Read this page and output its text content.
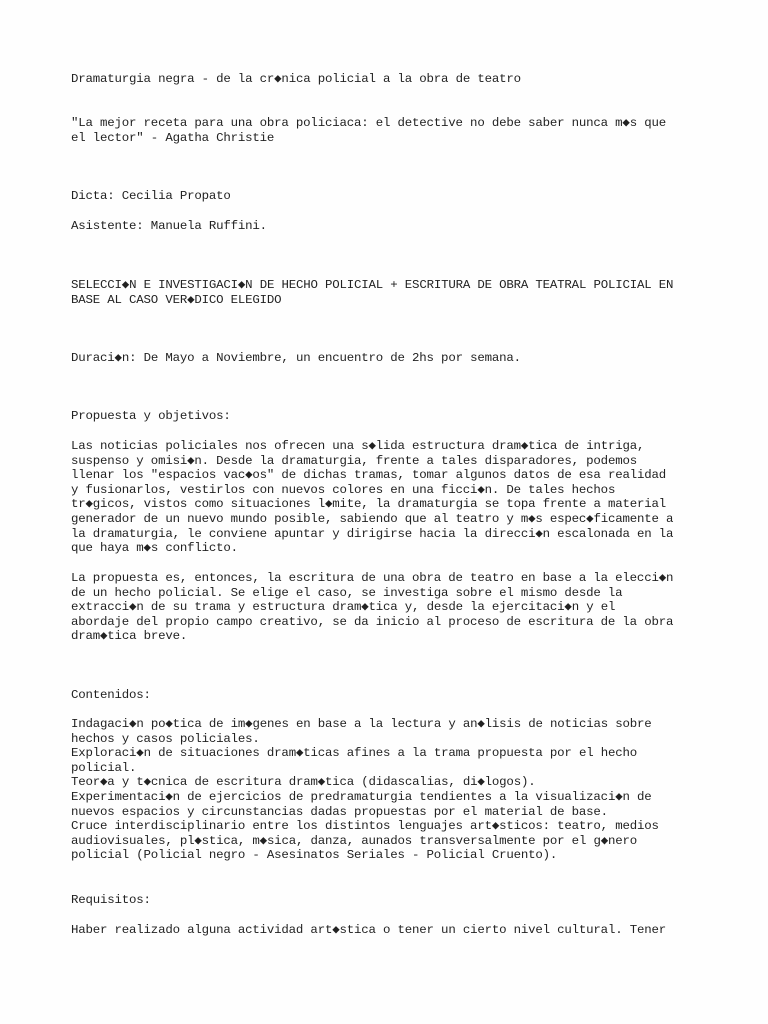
Dramaturgia negra - de la cr◆nica policial a la obra de teatro
"La mejor receta para una obra policiaca: el detective no debe saber nunca m◆s que
el lector" - Agatha Christie
Dicta: Cecilia Propato
Asistente: Manuela Ruffini.
SELECCI◆N E INVESTIGACI◆N DE HECHO POLICIAL + ESCRITURA DE OBRA TEATRAL POLICIAL EN
BASE AL CASO VER◆DICO ELEGIDO
Duraci◆n: De Mayo a Noviembre, un encuentro de 2hs por semana.
Propuesta y objetivos:
Las noticias policiales nos ofrecen una s◆lida estructura dram◆tica de intriga,
suspenso y omisi◆n. Desde la dramaturgia, frente a tales disparadores, podemos
llenar los "espacios vac◆os" de dichas tramas, tomar algunos datos de esa realidad
y fusionarlos, vestirlos con nuevos colores en una ficci◆n. De tales hechos
tr◆gicos, vistos como situaciones l◆mite, la dramaturgia se topa frente a material
generador de un nuevo mundo posible, sabiendo que al teatro y m◆s espec◆ficamente a
la dramaturgia, le conviene apuntar y dirigirse hacia la direcci◆n escalonada en la
que haya m◆s conflicto.
La propuesta es, entonces, la escritura de una obra de teatro en base a la elecci◆n
de un hecho policial. Se elige el caso, se investiga sobre el mismo desde la
extracci◆n de su trama y estructura dram◆tica y, desde la ejercitaci◆n y el
abordaje del propio campo creativo, se da inicio al proceso de escritura de la obra
dram◆tica breve.
Contenidos:
Indagaci◆n po◆tica de im◆genes en base a la lectura y an◆lisis de noticias sobre
hechos y casos policiales.
Exploraci◆n de situaciones dram◆ticas afines a la trama propuesta por el hecho
policial.
Teor◆a y t◆cnica de escritura dram◆tica (didascalias, di◆logos).
Experimentaci◆n de ejercicios de predramaturgia tendientes a la visualizaci◆n de
nuevos espacios y circunstancias dadas propuestas por el material de base.
Cruce interdisciplinario entre los distintos lenguajes art◆sticos: teatro, medios
audiovisuales, pl◆stica, m◆sica, danza, aunados transversalmente por el g◆nero
policial (Policial negro - Asesinatos Seriales - Policial Cruento).
Requisitos:
Haber realizado alguna actividad art◆stica o tener un cierto nivel cultural. Tener
